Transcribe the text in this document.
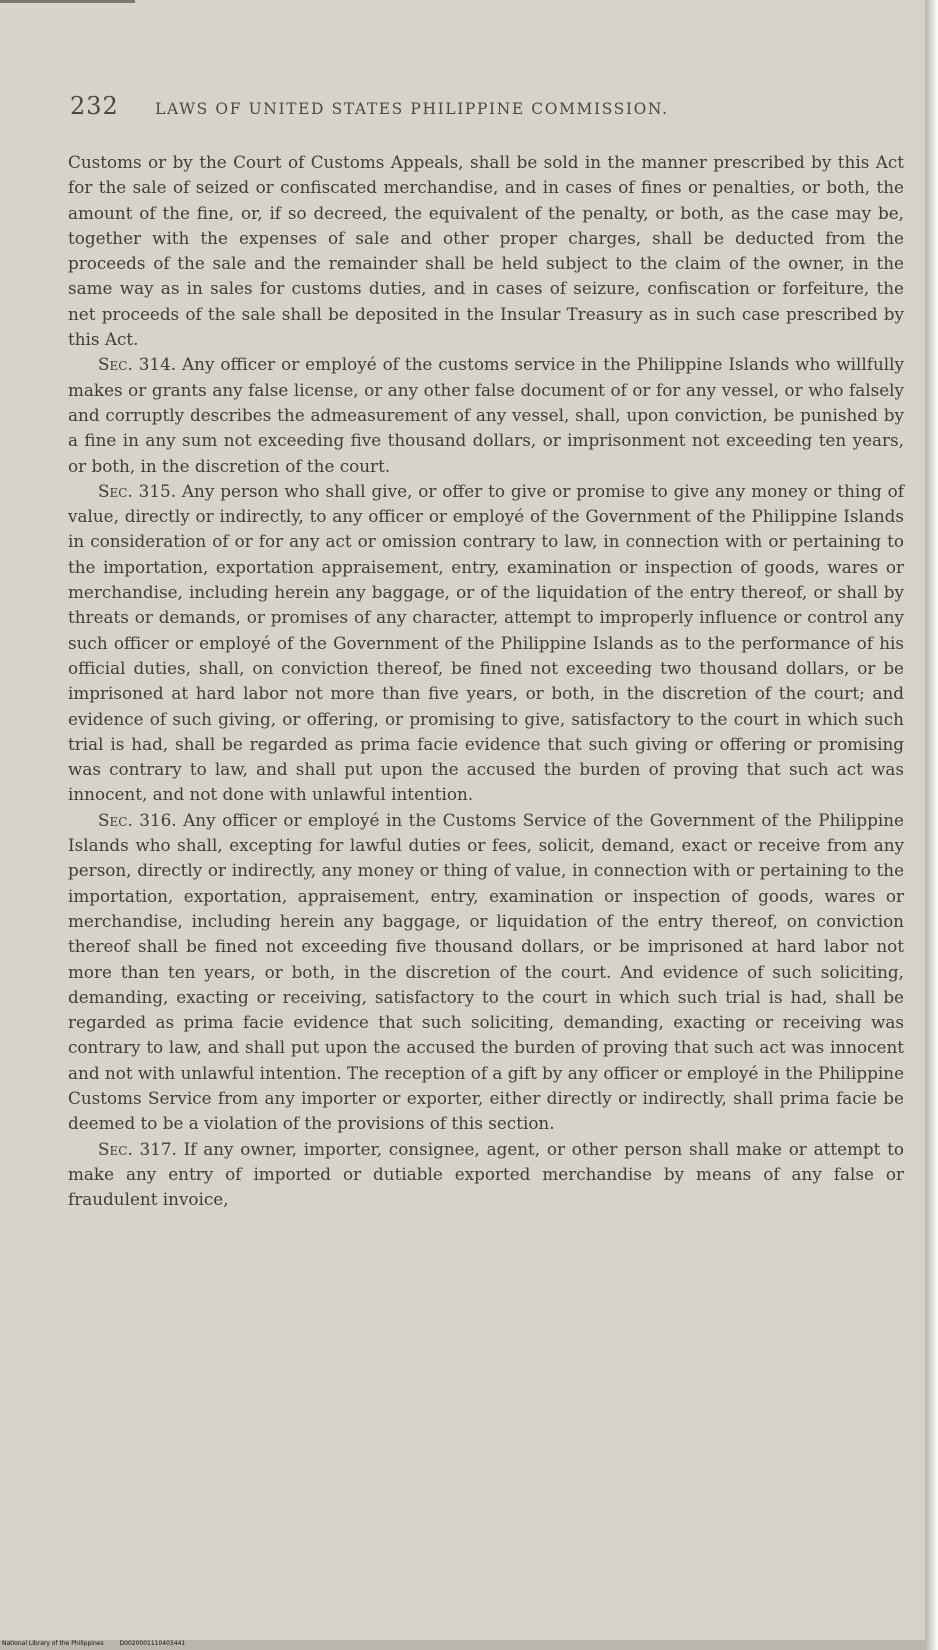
232 LAWS OF UNITED STATES PHILIPPINE COMMISSION.

Customs or by the Court of Customs Appeals, shall be sold in the manner prescribed by this Act for the sale of seized or confiscated merchandise, and in cases of fines or penalties, or both, the amount of the fine, or, if so decreed, the equivalent of the penalty, or both, as the case may be, together with the expenses of sale and other proper charges, shall be deducted from the proceeds of the sale and the remainder shall be held subject to the claim of the owner, in the same way as in sales for customs duties, and in cases of seizure, confiscation or forfeiture, the net proceeds of the sale shall be deposited in the Insular Treasury as in such case prescribed by this Act.

Sec. 314. Any officer or employé of the customs service in the Philippine Islands who willfully makes or grants any false license, or any other false document of or for any vessel, or who falsely and corruptly describes the admeasurement of any vessel, shall, upon conviction, be punished by a fine in any sum not exceeding five thousand dollars, or imprisonment not exceeding ten years, or both, in the discretion of the court.

Sec. 315. Any person who shall give, or offer to give or promise to give any money or thing of value, directly or indirectly, to any officer or employé of the Government of the Philippine Islands in consideration of or for any act or omission contrary to law, in connection with or pertaining to the importation, exportation appraisement, entry, examination or inspection of goods, wares or merchandise, including herein any baggage, or of the liquidation of the entry thereof, or shall by threats or demands, or promises of any character, attempt to improperly influence or control any such officer or employé of the Government of the Philippine Islands as to the performance of his official duties, shall, on conviction thereof, be fined not exceeding two thousand dollars, or be imprisoned at hard labor not more than five years, or both, in the discretion of the court; and evidence of such giving, or offering, or promising to give, satisfactory to the court in which such trial is had, shall be regarded as prima facie evidence that such giving or offering or promising was contrary to law, and shall put upon the accused the burden of proving that such act was innocent, and not done with unlawful intention.

Sec. 316. Any officer or employé in the Customs Service of the Government of the Philippine Islands who shall, excepting for lawful duties or fees, solicit, demand, exact or receive from any person, directly or indirectly, any money or thing of value, in connection with or pertaining to the importation, exportation, appraisement, entry, examination or inspection of goods, wares or merchandise, including herein any baggage, or liquidation of the entry thereof, on conviction thereof shall be fined not exceeding five thousand dollars, or be imprisoned at hard labor not more than ten years, or both, in the discretion of the court. And evidence of such soliciting, demanding, exacting or receiving, satisfactory to the court in which such trial is had, shall be regarded as prima facie evidence that such soliciting, demanding, exacting or receiving was contrary to law, and shall put upon the accused the burden of proving that such act was innocent and not with unlawful intention. The reception of a gift by any officer or employé in the Philippine Customs Service from any importer or exporter, either directly or indirectly, shall prima facie be deemed to be a violation of the provisions of this section.

Sec. 317. If any owner, importer, consignee, agent, or other person shall make or attempt to make any entry of imported or dutiable exported merchandise by means of any false or fraudulent invoice,

National Library of the Philippines	D0020001110403441
